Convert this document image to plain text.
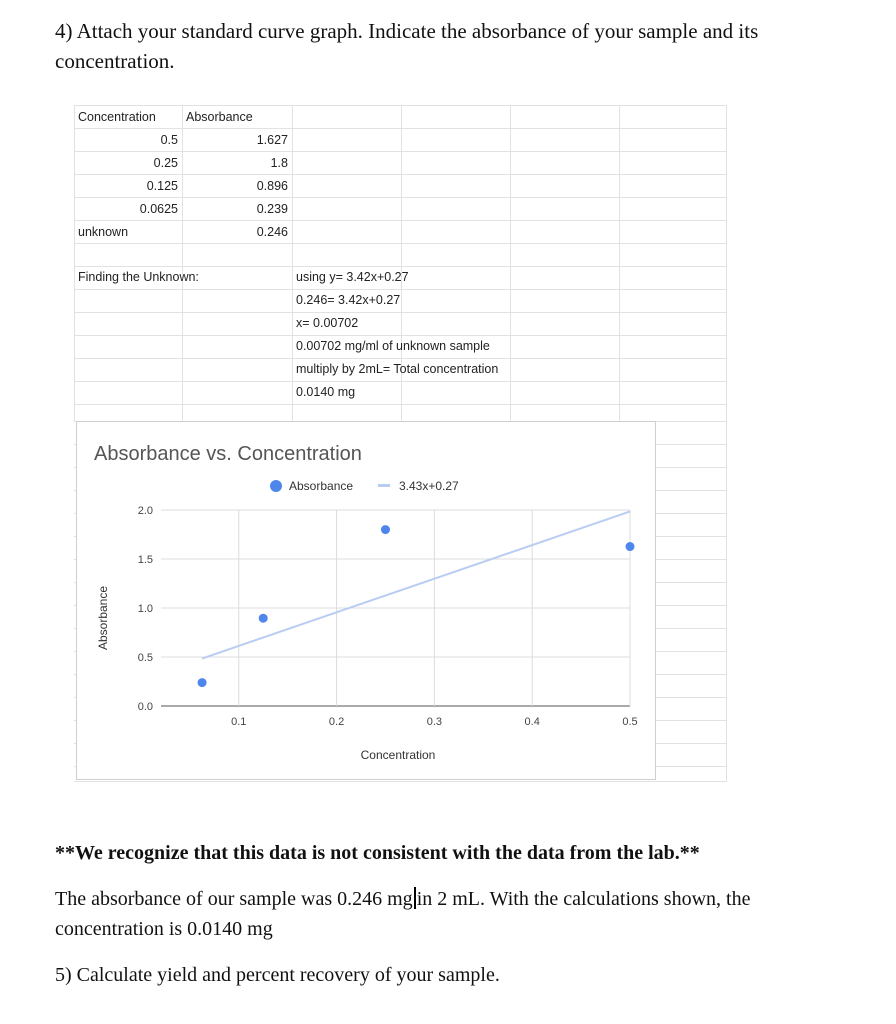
4) Attach your standard curve graph. Indicate the absorbance of your sample and its
concentration.
Concentration Absorbance
0.5	1.627
0.25	1.8
0.125	0.896
0.0625	0.239
unknown	0.246
Finding the Unknown:	using y= 3.42x+0.27
0.246= 3.42x+0.27
x= 0.00702
0.00702 mg/ml of unknown sample
multiply by 2mL= Total concentration
0.0140 mg
Absorbance vs. Concentration
0.0
0.5
1.0
1.5
2.0
0.1	0.2	0.3	0.4	0.5
Absorbance	3.43x+0.27
Concentration
Absorbance
**We recognize that this data is not consistent with the data from the lab.**
The absorbance of our sample was 0.246 mg in 2 mL. With the calculations shown, the
concentration is 0.0140 mg
5) Calculate yield and percent recovery of your sample.
